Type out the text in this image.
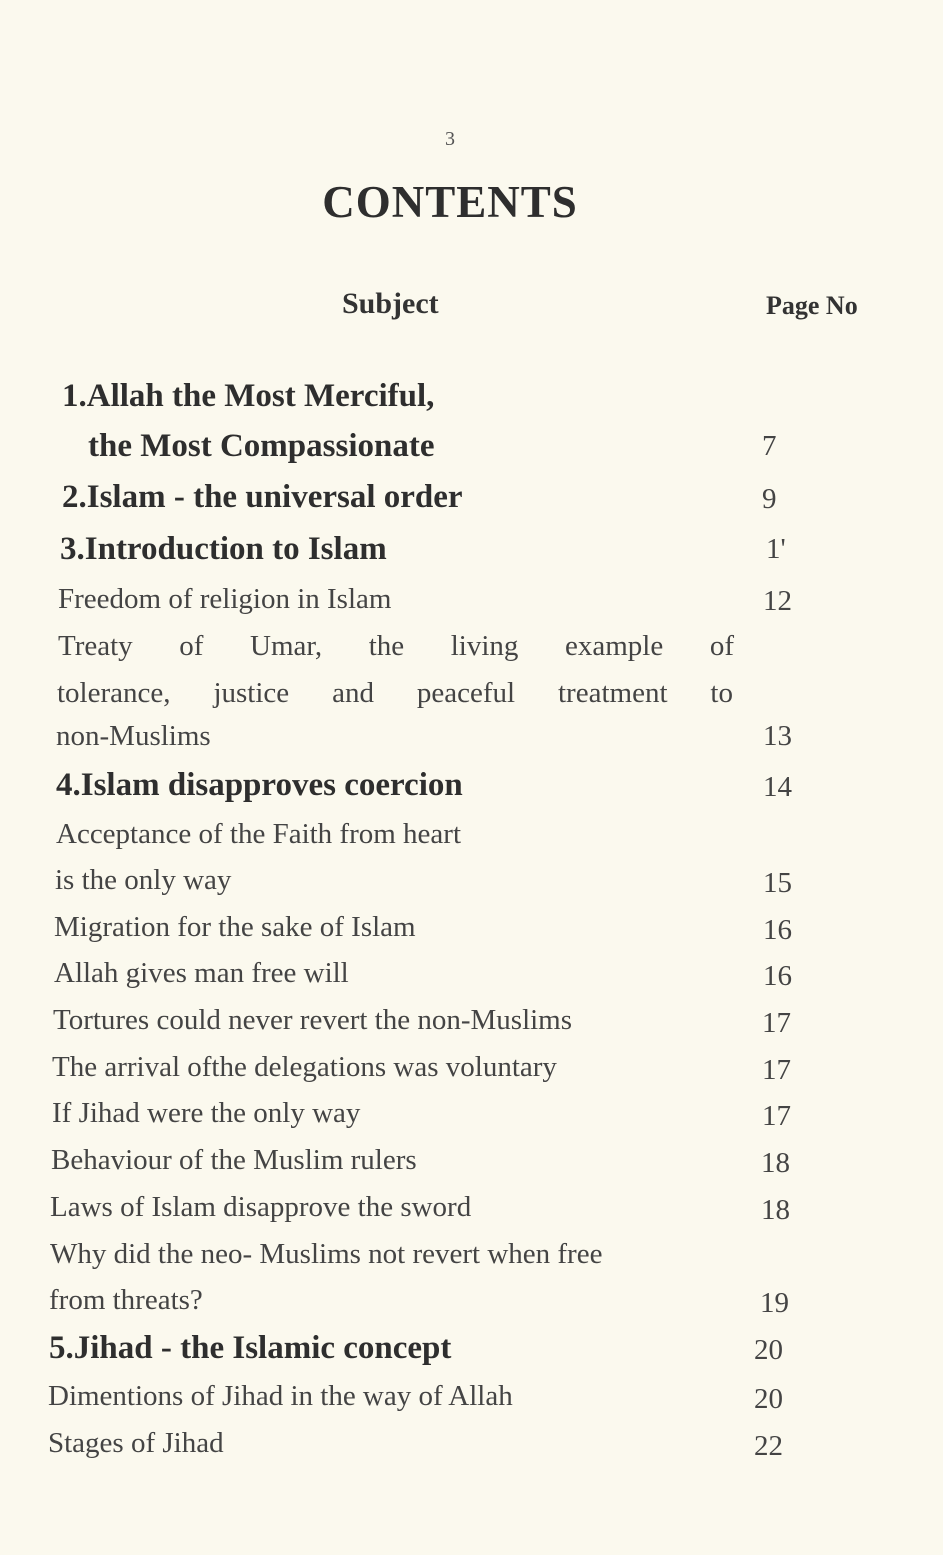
3
CONTENTS
Subject	Page No
1.Allah the Most Merciful,
the Most Compassionate	7
2.Islam - the universal order	9
3.Introduction to Islam	1'
Freedom of religion in Islam	12
Treaty of Umar, the living example of
tolerance, justice and peaceful treatment to
non-Muslims	13
4.Islam disapproves coercion	14
Acceptance of the Faith from heart
is the only way	15
Migration for the sake of Islam	16
Allah gives man free will	16
Tortures could never revert the non-Muslims	17
The arrival ofthe delegations was voluntary	17
If Jihad were the only way	17
Behaviour of the Muslim rulers	18
Laws of Islam disapprove the sword	18
Why did the neo- Muslims not revert when free
from threats?	19
5.Jihad - the Islamic concept	20
Dimentions of Jihad in the way of Allah	20
Stages of Jihad	22
